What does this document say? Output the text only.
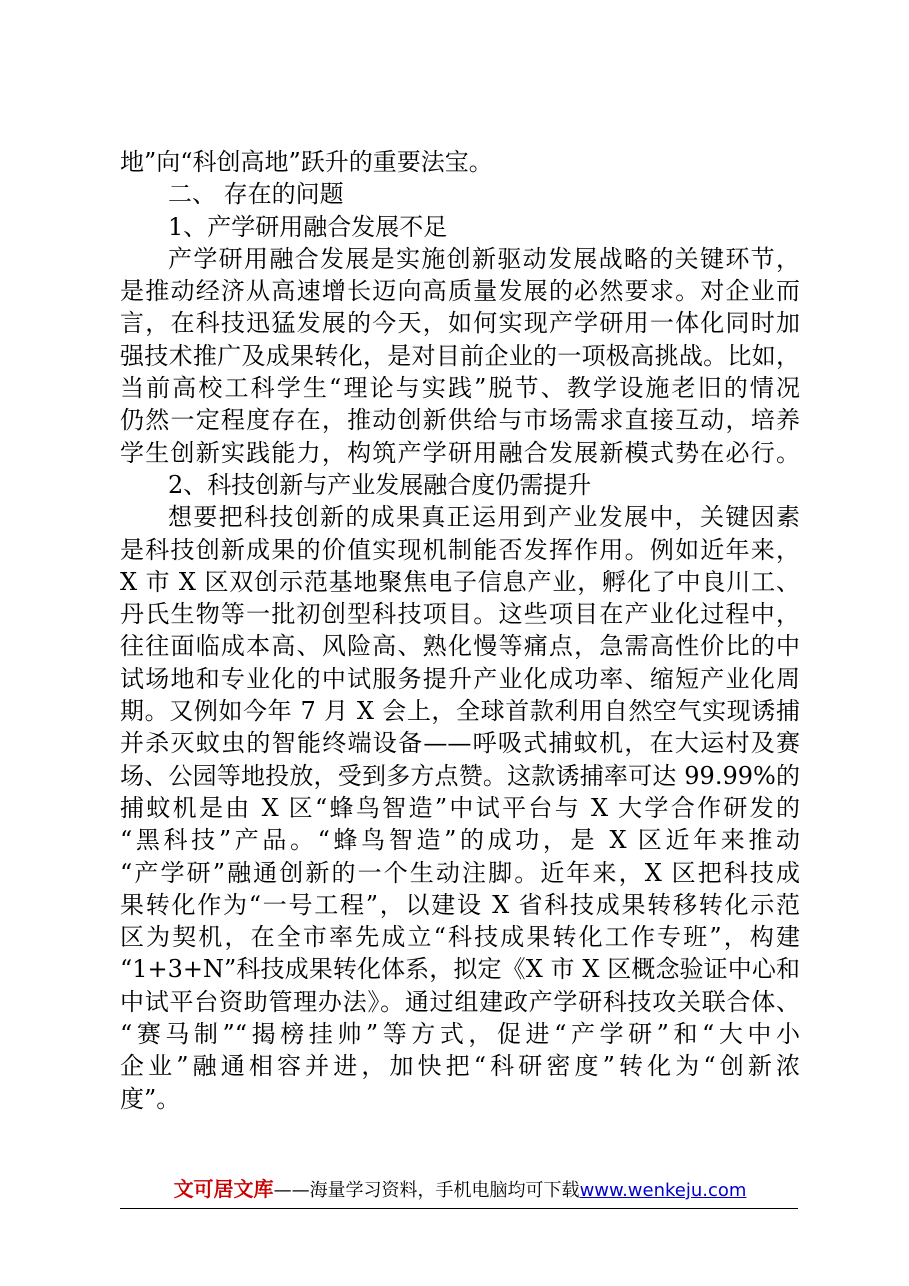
地”向“科创高地”跃升的重要法宝。
二、 存在的问题
1、产学研用融合发展不足
产学研用融合发展是实施创新驱动发展战略的关键环节，
是推动经济从高速增长迈向高质量发展的必然要求。对企业而
言，在科技迅猛发展的今天，如何实现产学研用一体化同时加
强技术推广及成果转化，是对目前企业的一项极高挑战。比如，
当前高校工科学生“理论与实践”脱节、教学设施老旧的情况
仍然一定程度存在，推动创新供给与市场需求直接互动，培养
学生创新实践能力，构筑产学研用融合发展新模式势在必行。
2、科技创新与产业发展融合度仍需提升
想要把科技创新的成果真正运用到产业发展中，关键因素
是科技创新成果的价值实现机制能否发挥作用。例如近年来，
X 市 X 区双创示范基地聚焦电子信息产业，孵化了中良川工、
丹氏生物等一批初创型科技项目。这些项目在产业化过程中，
往往面临成本高、风险高、熟化慢等痛点，急需高性价比的中
试场地和专业化的中试服务提升产业化成功率、缩短产业化周
期。又例如今年 7 月 X 会上，全球首款利用自然空气实现诱捕
并杀灭蚊虫的智能终端设备——呼吸式捕蚊机，在大运村及赛
场、公园等地投放，受到多方点赞。这款诱捕率可达 99.99%的
捕蚊机是由 X 区“蜂鸟智造”中试平台与 X 大学合作研发的
“黑科技”产品。“蜂鸟智造”的成功，是 X 区近年来推动
“产学研”融通创新的一个生动注脚。近年来，X 区把科技成
果转化作为“一号工程”，以建设 X 省科技成果转移转化示范
区为契机，在全市率先成立“科技成果转化工作专班”，构建
“1+3+N”科技成果转化体系，拟定《X 市 X 区概念验证中心和
中试平台资助管理办法》。通过组建政产学研科技攻关联合体、
“赛马制”“揭榜挂帅”等方式，促进“产学研”和“大中小
企业”融通相容并进，加快把“科研密度”转化为“创新浓
度”。
文可居文库——海量学习资料，手机电脑均可下载www.wenkeju.com
